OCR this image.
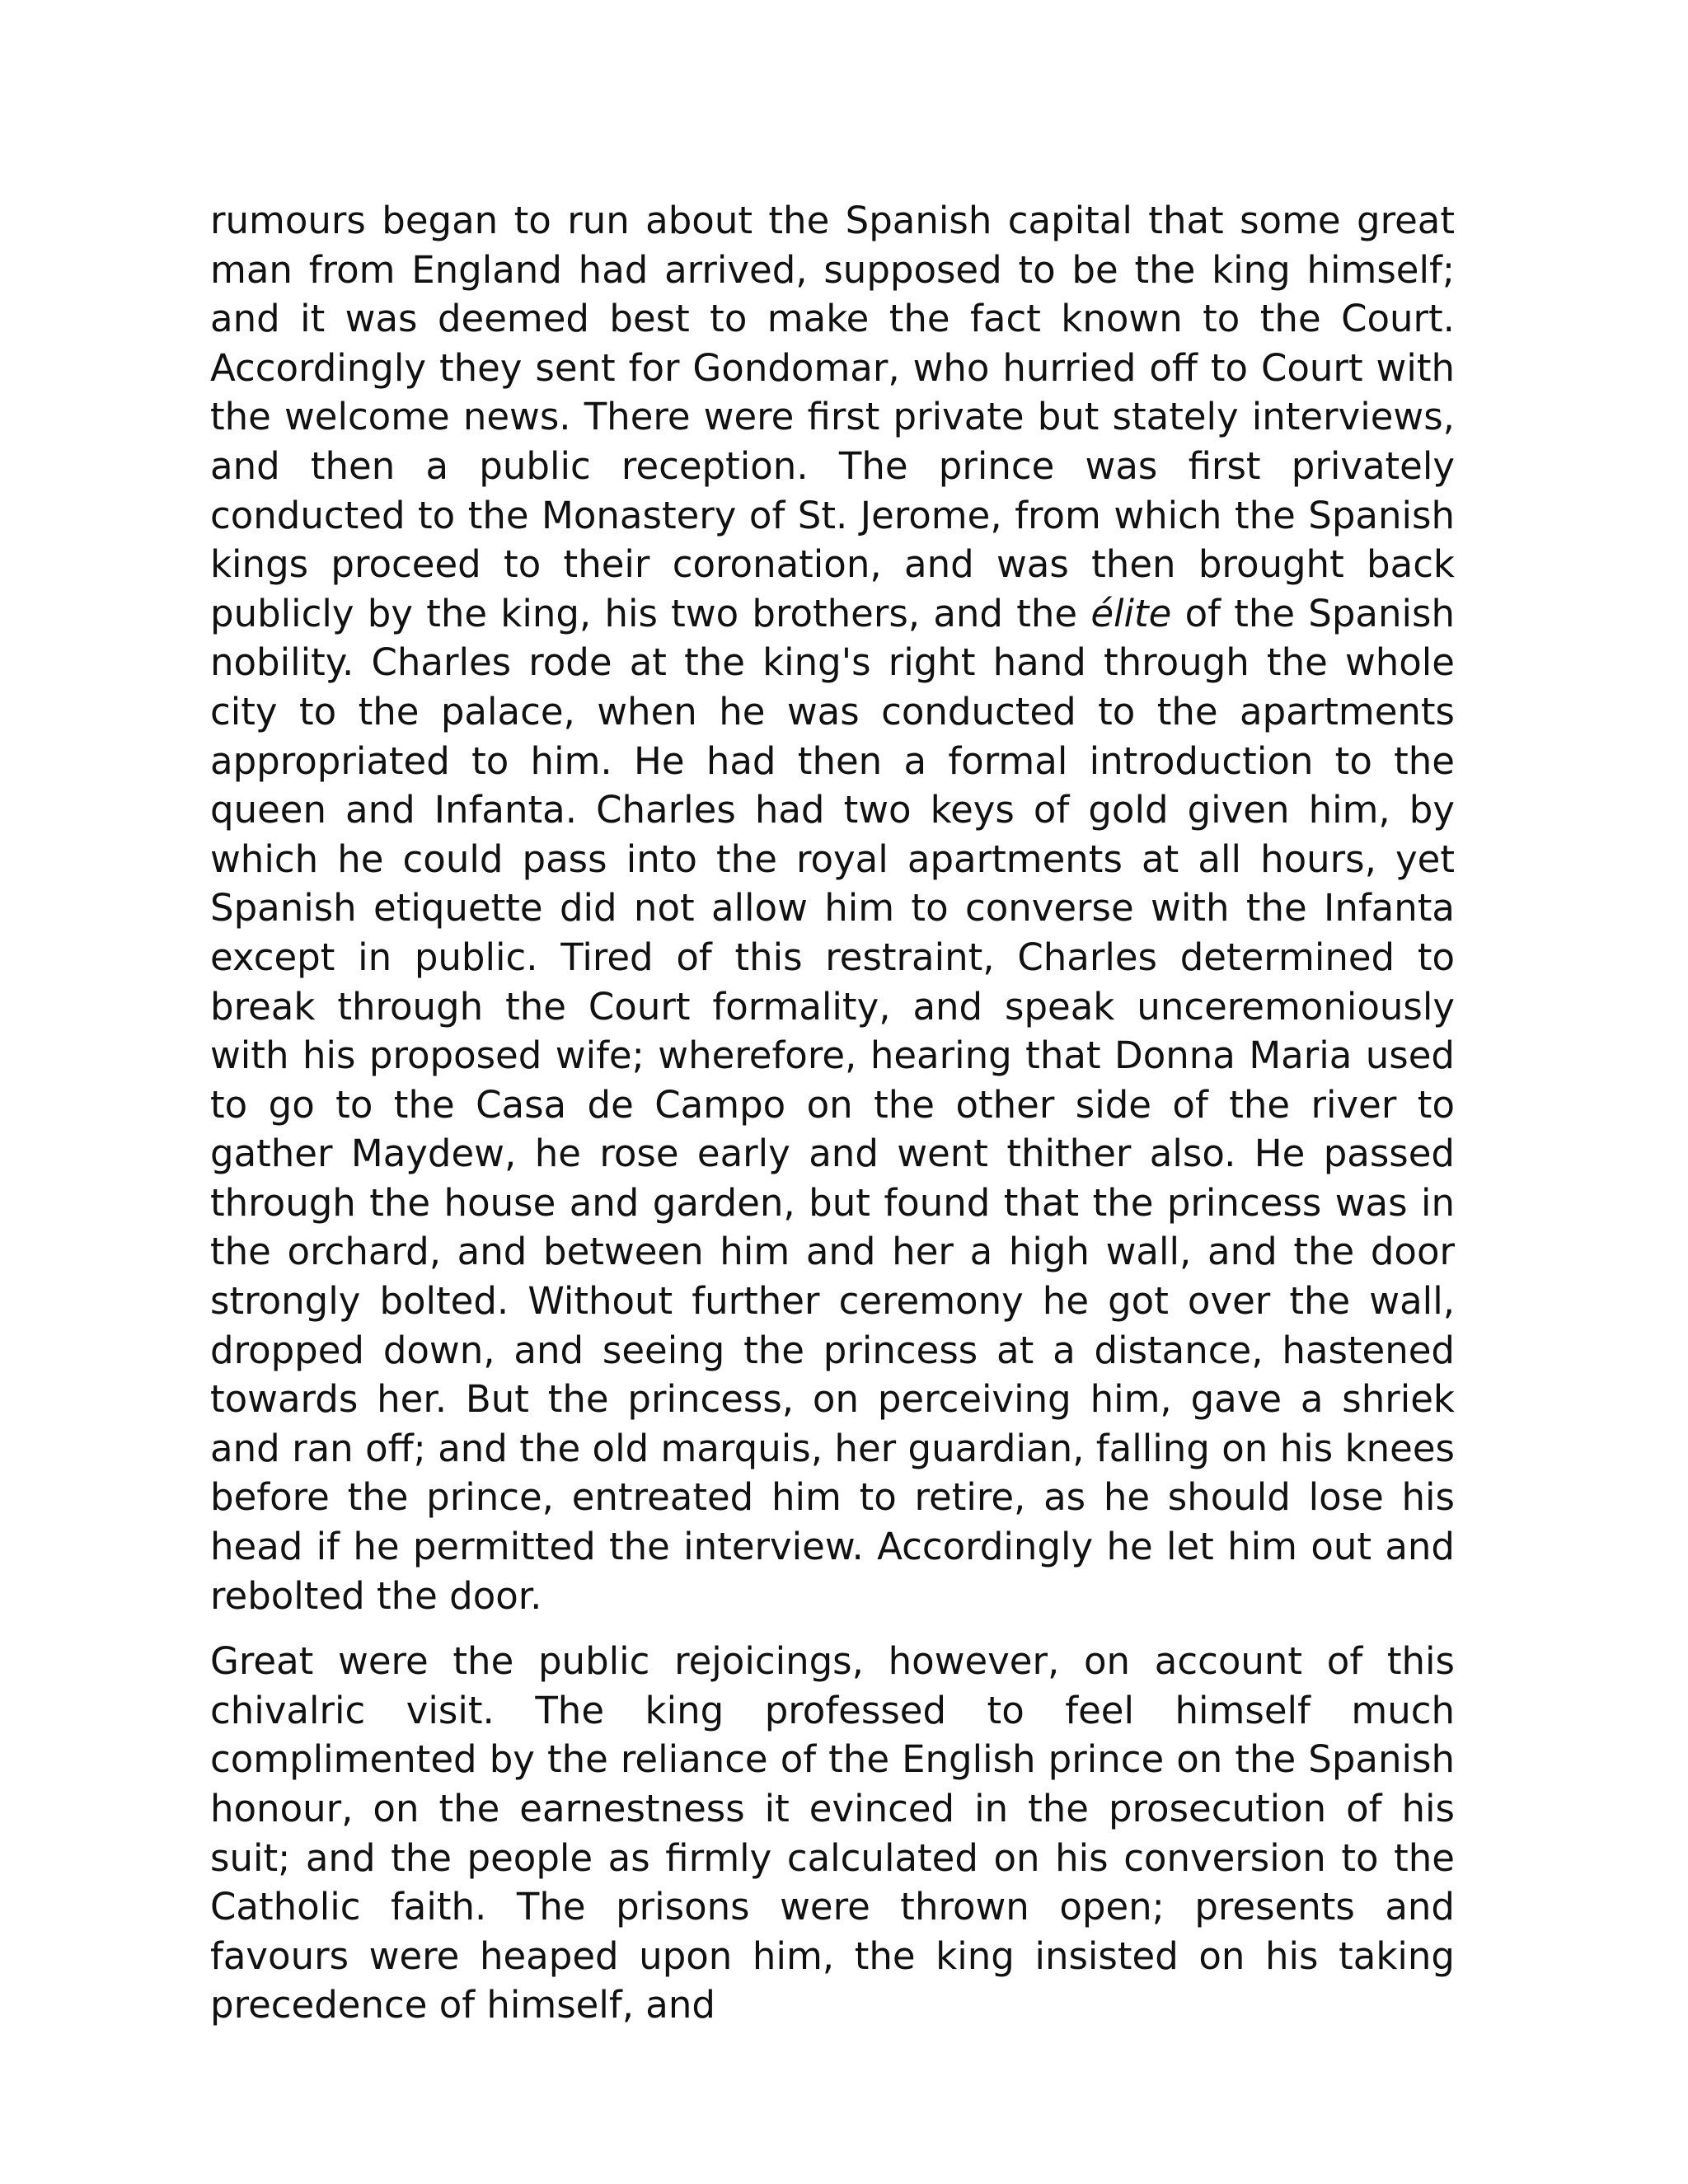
rumours began to run about the Spanish capital that some great man from England had arrived, supposed to be the king himself; and it was deemed best to make the fact known to the Court. Accordingly they sent for Gondomar, who hurried off to Court with the welcome news. There were first private but stately interviews, and then a public reception. The prince was first privately conducted to the Monastery of St. Jerome, from which the Spanish kings proceed to their coronation, and was then brought back publicly by the king, his two brothers, and the élite of the Spanish nobility. Charles rode at the king's right hand through the whole city to the palace, when he was conducted to the apartments appropriated to him. He had then a formal introduction to the queen and Infanta. Charles had two keys of gold given him, by which he could pass into the royal apartments at all hours, yet Spanish etiquette did not allow him to converse with the Infanta except in public. Tired of this restraint, Charles determined to break through the Court formality, and speak unceremoniously with his proposed wife; wherefore, hearing that Donna Maria used to go to the Casa de Campo on the other side of the river to gather Maydew, he rose early and went thither also. He passed through the house and garden, but found that the princess was in the orchard, and between him and her a high wall, and the door strongly bolted. Without further ceremony he got over the wall, dropped down, and seeing the princess at a distance, hastened towards her. But the princess, on perceiving him, gave a shriek and ran off; and the old marquis, her guardian, falling on his knees before the prince, entreated him to retire, as he should lose his head if he permitted the interview. Accordingly he let him out and rebolted the door.

Great were the public rejoicings, however, on account of this chivalric visit. The king professed to feel himself much complimented by the reliance of the English prince on the Spanish honour, on the earnestness it evinced in the prosecution of his suit; and the people as firmly calculated on his conversion to the Catholic faith. The prisons were thrown open; presents and favours were heaped upon him, the king insisted on his taking precedence of himself, and
